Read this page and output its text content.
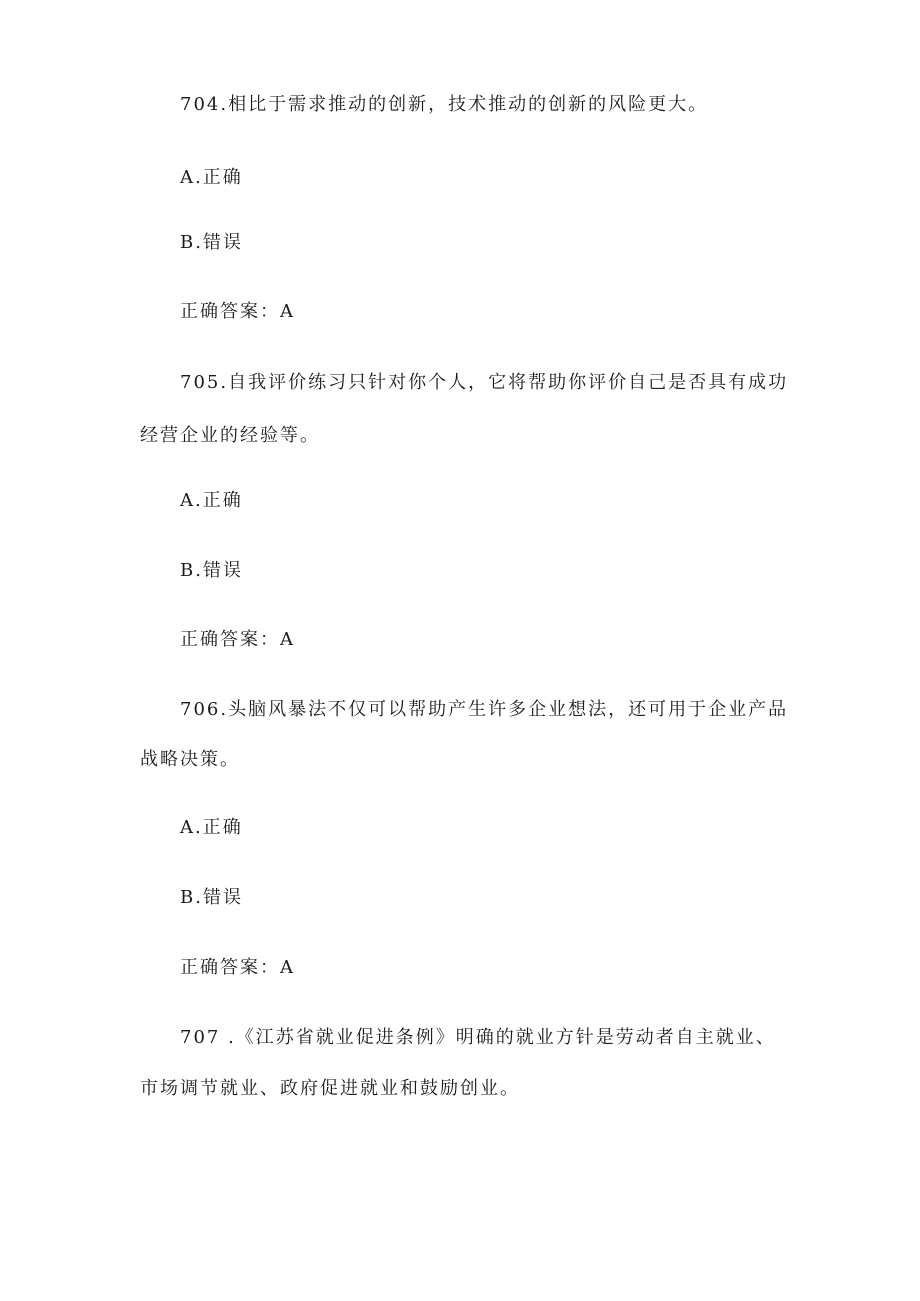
704.相比于需求推动的创新，技术推动的创新的风险更大。
A.正确
B.错误
正确答案：A
705.自我评价练习只针对你个人，它将帮助你评价自己是否具有成功
经营企业的经验等。
A.正确
B.错误
正确答案：A
706.头脑风暴法不仅可以帮助产生许多企业想法，还可用于企业产品
战略决策。
A.正确
B.错误
正确答案：A
707 .《江苏省就业促进条例》明确的就业方针是劳动者自主就业、
市场调节就业、政府促进就业和鼓励创业。
